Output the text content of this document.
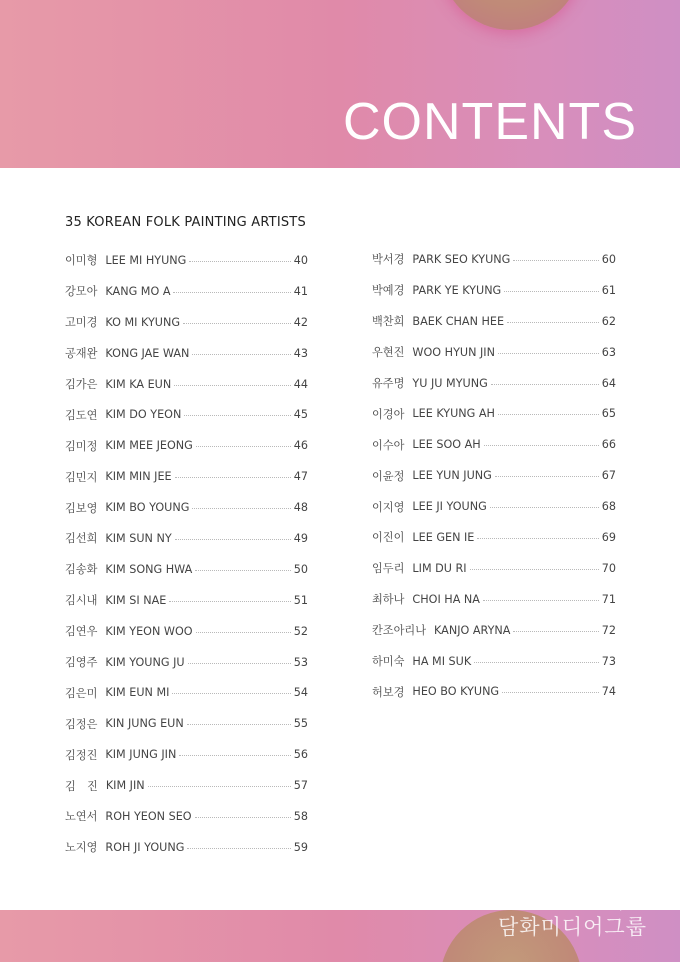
CONTENTS
35 KOREAN FOLK PAINTING ARTISTS
이미형 LEE MI HYUNG	40
강모아 KANG MO A	41
고미경 KO MI KYUNG	42
공재완 KONG JAE WAN	43
김가은 KIM KA EUN	44
김도연 KIM DO YEON	45
김미정 KIM MEE JEONG	46
김민지 KIM MIN JEE	47
김보영 KIM BO YOUNG	48
김선희 KIM SUN NY	49
김송화 KIM SONG HWA	50
김시내 KIM SI NAE	51
김연우 KIM YEON WOO	52
김영주 KIM YOUNG JU	53
김은미 KIM EUN MI	54
김정은 KIN JUNG EUN	55
김정진 KIM JUNG JIN	56
김　진 KIM JIN	57
노연서 ROH YEON SEO	58
노지영 ROH JI YOUNG	59
박서경 PARK SEO KYUNG	60
박예경 PARK YE KYUNG	61
백찬희 BAEK CHAN HEE	62
우현진 WOO HYUN JIN	63
유주명 YU JU MYUNG	64
이경아 LEE KYUNG AH	65
이수아 LEE SOO AH	66
이윤정 LEE YUN JUNG	67
이지영 LEE JI YOUNG	68
이진이 LEE GEN IE	69
임두리 LIM DU RI	70
최하나 CHOI HA NA	71
칸조아리나 KANJO ARYNA	72
하미숙 HA MI SUK	73
허보경 HEO BO KYUNG	74
DamwahMediaGroup
담화미디어그룹
